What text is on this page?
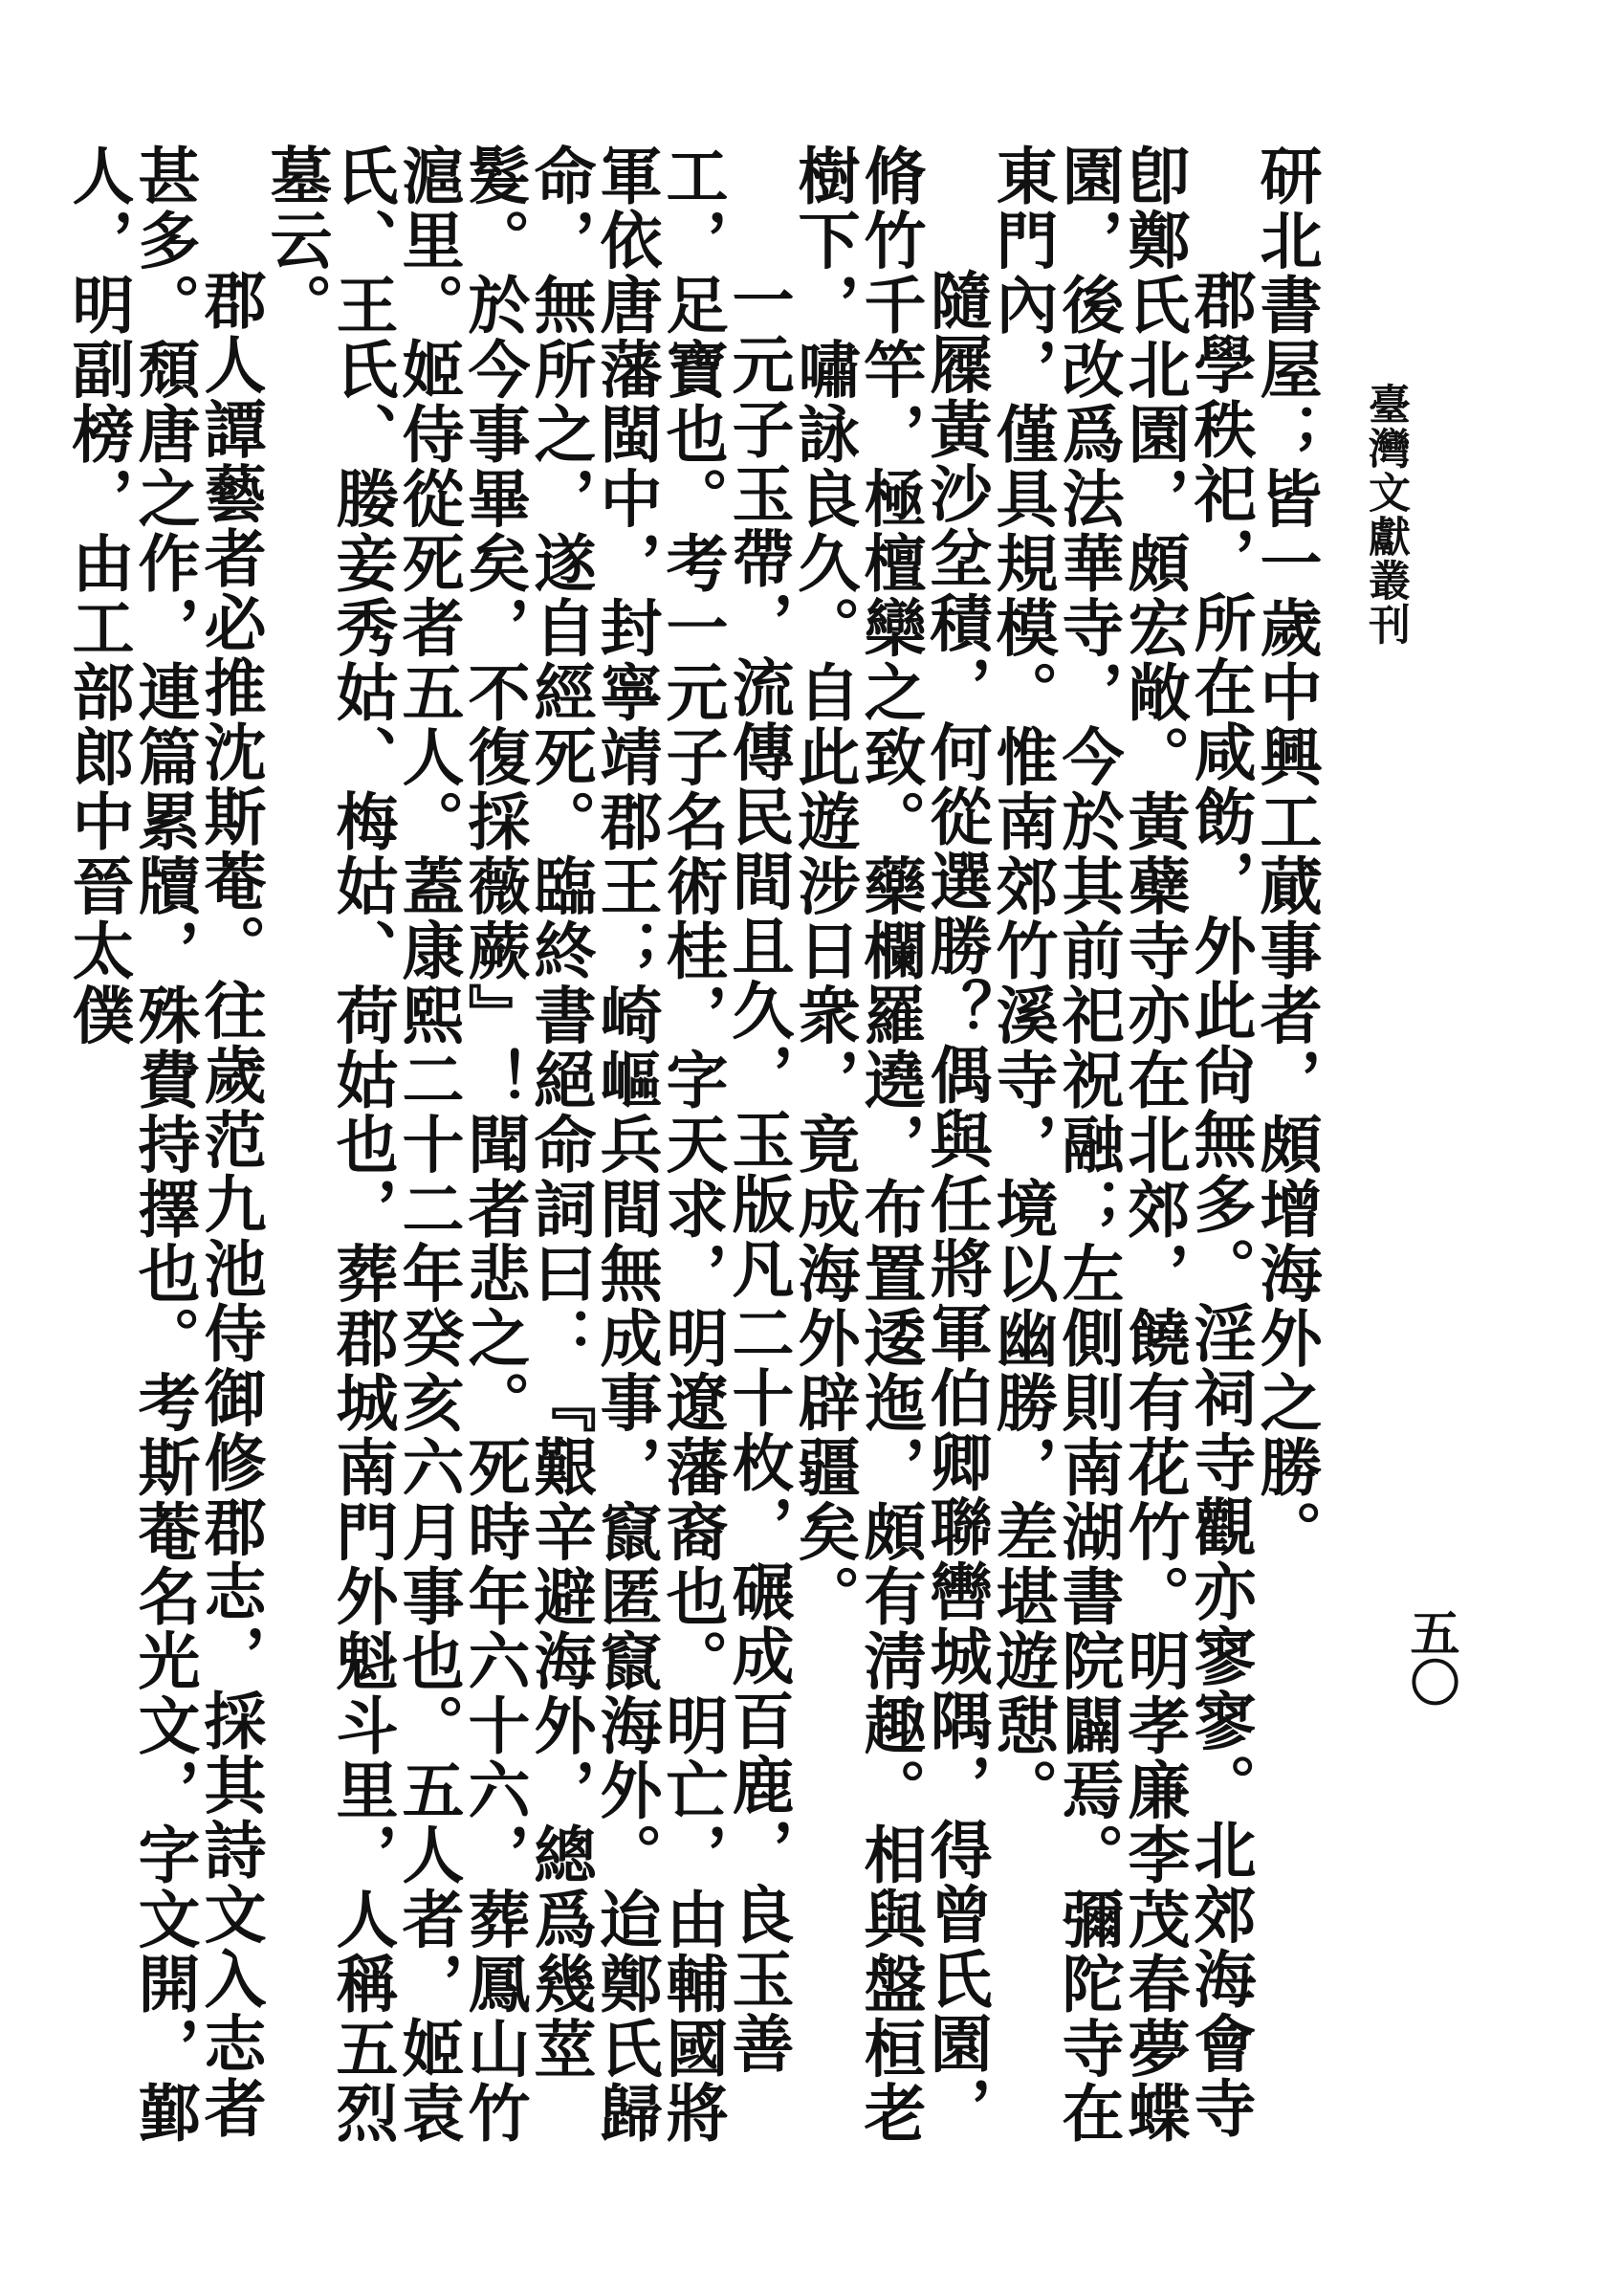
臺灣文獻叢刊
五〇

研北書屋；皆一歲中興工蕆事者，頗增海外之勝。

郡學秩祀，所在咸飭，外此尙無多。淫祠寺觀亦寥寥。北郊海會寺卽鄭氏北園，頗宏敞。黃蘗寺亦在北郊，饒有花竹。明孝廉李茂春夢蝶園，後改爲法華寺，今於其前祀祝融；左側則南湖書院闢焉。彌陀寺在東門內，僅具規模。惟南郊竹溪寺，境以幽勝，差堪遊憇。

隨屧黃沙坌積，何從選勝？偶與任將軍伯卿聯轡城隅，得曾氏園，脩竹千竿，極檀欒之致。藥欄羅遶，布置逶迤，頗有淸趣。相與盤桓老樹下，嘯詠良久。自此遊涉日衆，竟成海外辟疆矣。

一元子玉帶，流傳民間且久，玉版凡二十枚，碾成百鹿，良玉善工，足寶也。考一元子名術桂，字天求，明遼藩裔也。明亡，由輔國將軍依唐藩閩中，封寧靖郡王；崎嶇兵間無成事，竄匿竄海外。迨鄭氏歸命，無所之，遂自經死。臨終書絕命詞曰：『艱辛避海外，總爲幾莖髮。於今事畢矣，不復採薇蕨』！聞者悲之。死時年六十六，葬鳳山竹滬里。姬侍從死者五人。蓋康熙二十二年癸亥六月事也。五人者，姬袁氏、王氏、媵妾秀姑、梅姑、荷姑也，葬郡城南門外魁斗里，人稱五烈墓云。

郡人譚藝者必推沈斯菴。往歲范九池侍御修郡志，採其詩文入志者甚多。頹唐之作，連篇累牘，殊費持擇也。考斯菴名光文，字文開，鄞人，明副榜，由工部郎中晉太僕
